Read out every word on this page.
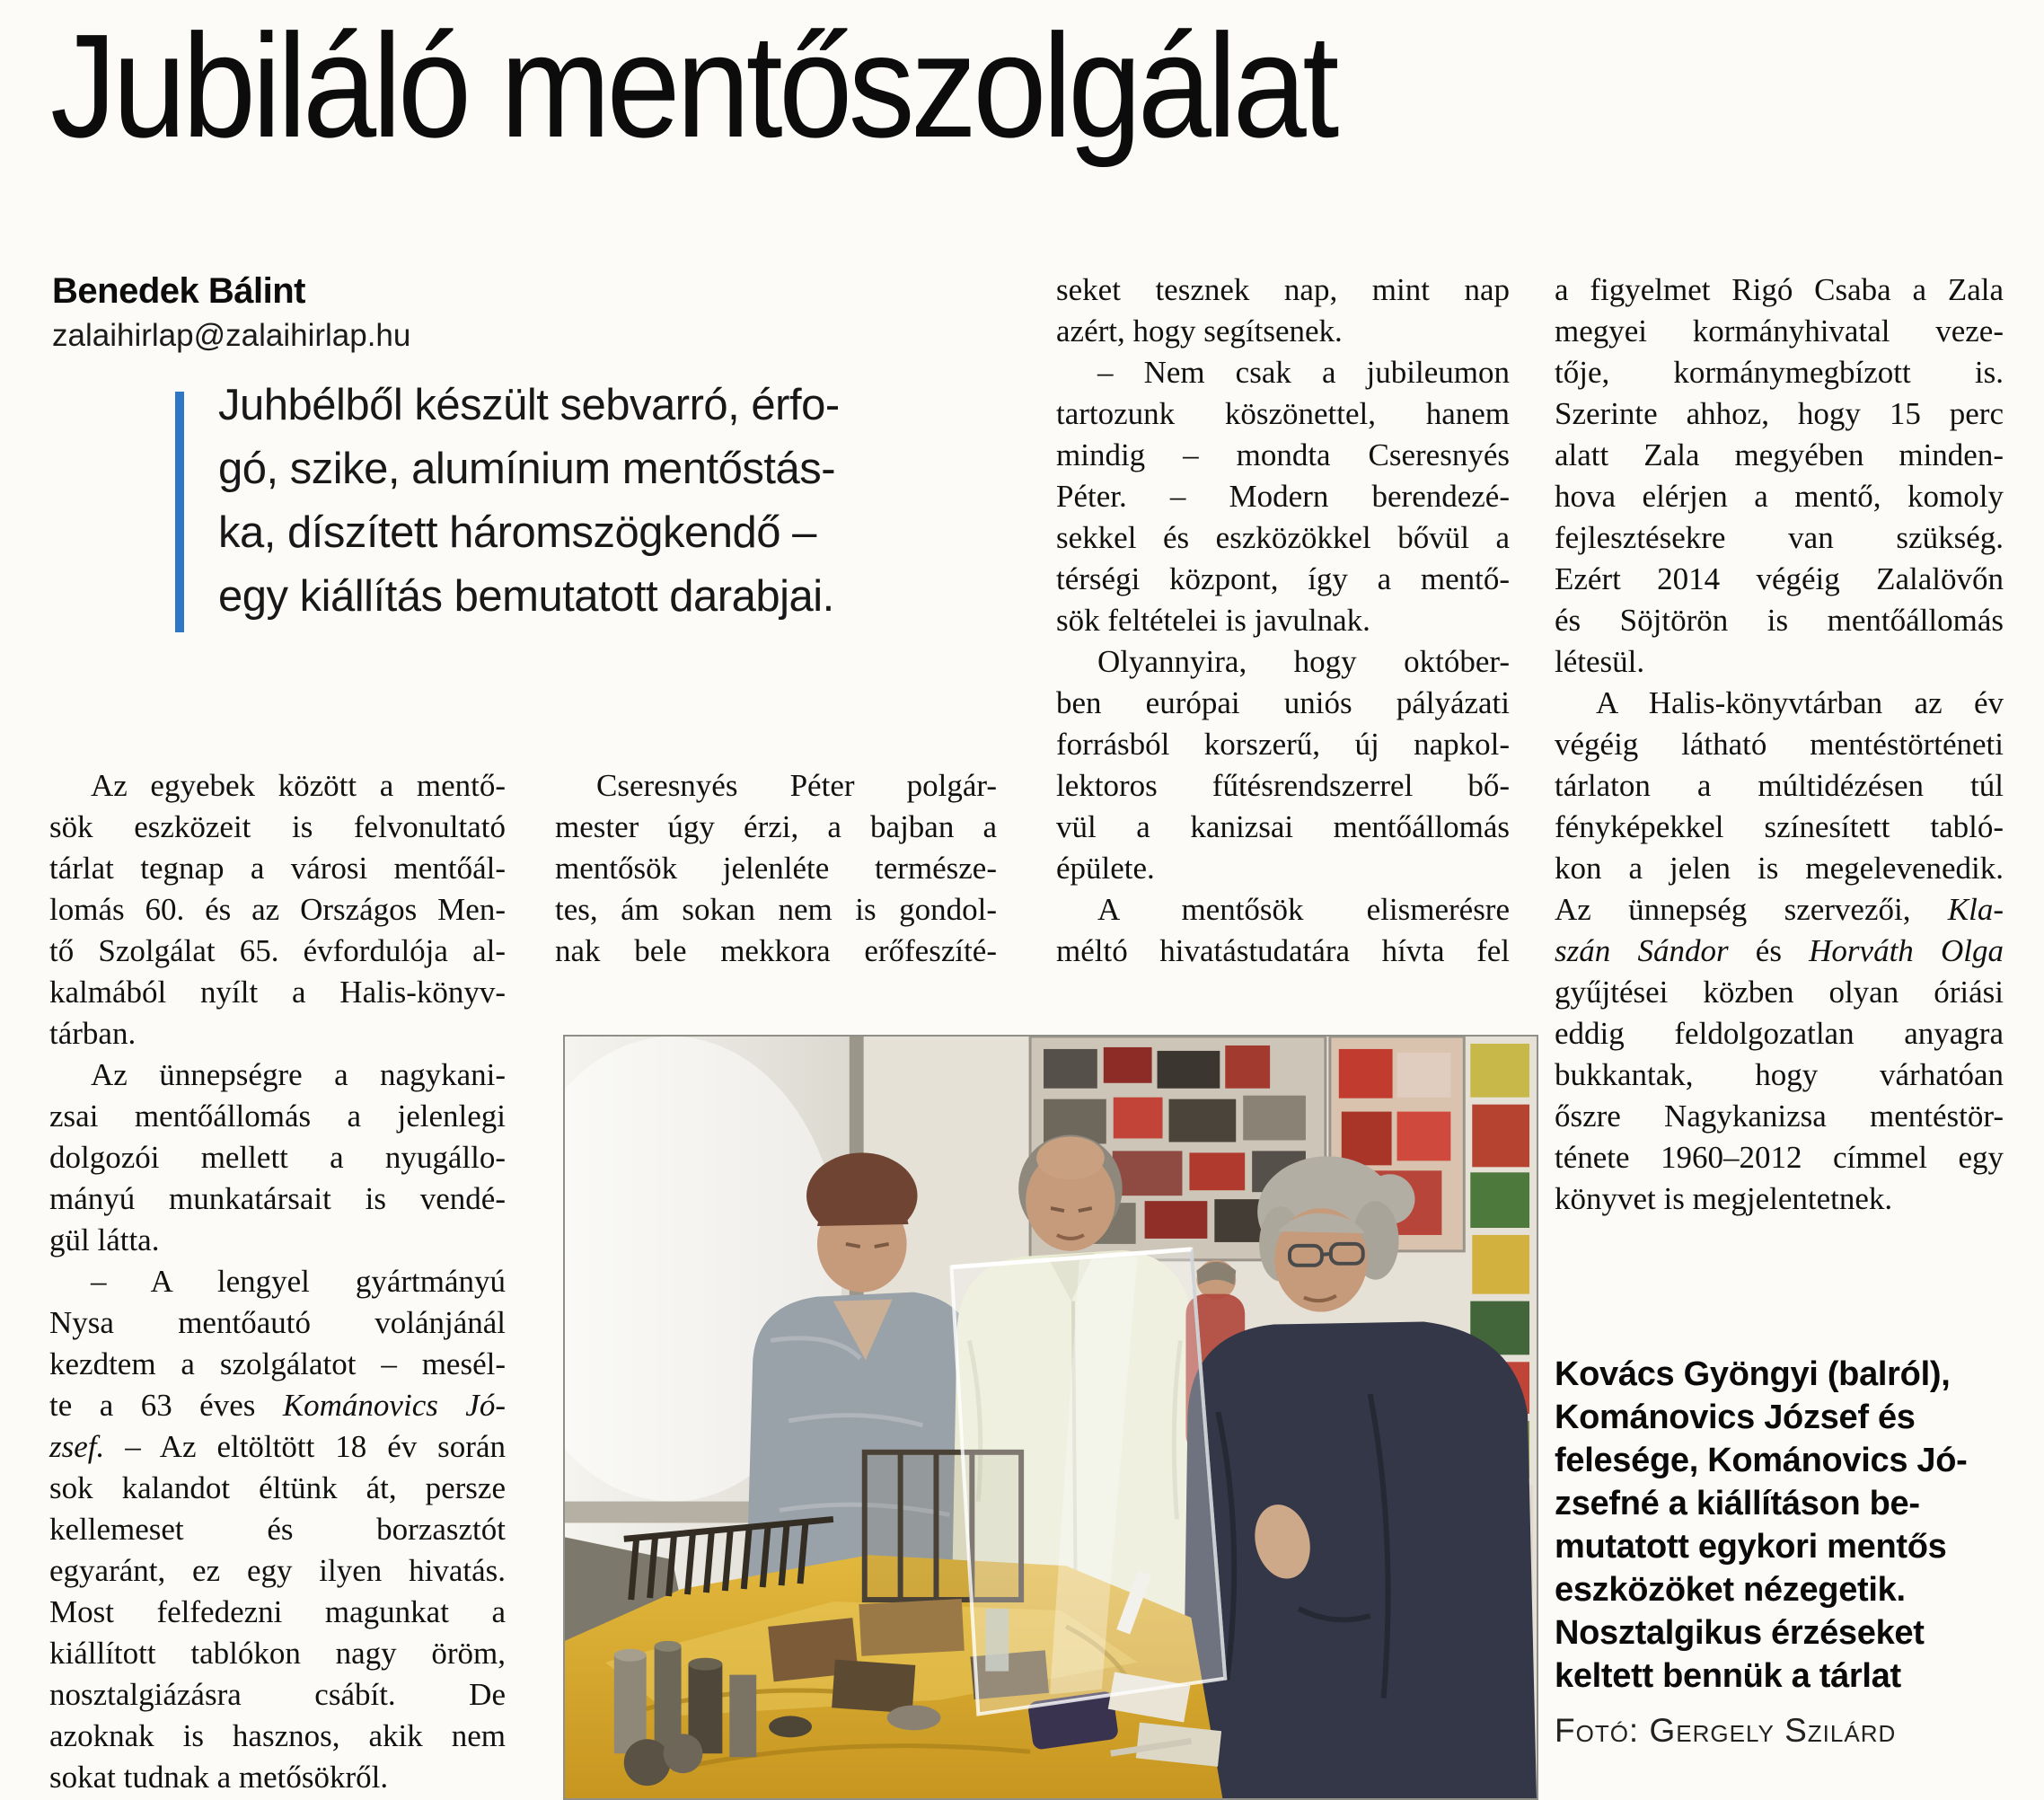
Jubiláló mentőszolgálat
Benedek Bálint
zalaihirlap@zalaihirlap.hu
Juhbélből készült sebvarró, érfo-
gó, szike, alumínium mentőstás-
ka, díszített háromszögkendő –
egy kiállítás bemutatott darabjai.
Az egyebek között a mentő-
sök eszközeit is felvonultató
tárlat tegnap a városi mentőál-
lomás 60. és az Országos Men-
tő Szolgálat 65. évfordulója al-
kalmából nyílt a Halis-könyv-
tárban.
Az ünnepségre a nagykani-
zsai mentőállomás a jelenlegi
dolgozói mellett a nyugállo-
mányú munkatársait is vendé-
gül látta.
– A lengyel gyártmányú
Nysa mentőautó volánjánál
kezdtem a szolgálatot – mesél-
te a 63 éves Kománovics Jó-
zsef. – Az eltöltött 18 év során
sok kalandot éltünk át, persze
kellemeset és borzasztót
egyaránt, ez egy ilyen hivatás.
Most felfedezni magunkat a
kiállított tablókon nagy öröm,
nosztalgiázásra csábít. De
azoknak is hasznos, akik nem
sokat tudnak a metősökről.
Cseresnyés Péter polgár-
mester úgy érzi, a bajban a
mentősök jelenléte természe-
tes, ám sokan nem is gondol-
nak bele mekkora erőfeszíté-
seket tesznek nap, mint nap
azért, hogy segítsenek.
– Nem csak a jubileumon
tartozunk köszönettel, hanem
mindig – mondta Cseresnyés
Péter. – Modern berendezé-
sekkel és eszközökkel bővül a
térségi központ, így a mentő-
sök feltételei is javulnak.
Olyannyira, hogy október-
ben európai uniós pályázati
forrásból korszerű, új napkol-
lektoros fűtésrendszerrel bő-
vül a kanizsai mentőállomás
épülete.
A mentősök elismerésre
méltó hivatástudatára hívta fel
a figyelmet Rigó Csaba a Zala
megyei kormányhivatal veze-
tője, kormánymegbízott is.
Szerinte ahhoz, hogy 15 perc
alatt Zala megyében minden-
hova elérjen a mentő, komoly
fejlesztésekre van szükség.
Ezért 2014 végéig Zalalövőn
és Söjtörön is mentőállomás
létesül.
A Halis-könyvtárban az év
végéig látható mentéstörténeti
tárlaton a múltidézésen túl
fényképekkel színesített tabló-
kon a jelen is megelevenedik.
Az ünnepség szervezői, Kla-
szán Sándor és Horváth Olga
gyűjtései közben olyan óriási
eddig feldolgozatlan anyagra
bukkantak, hogy várhatóan
őszre Nagykanizsa mentéstör-
ténete 1960–2012 címmel egy
könyvet is megjelentetnek.
Kovács Gyöngyi (balról),
Kománovics József és
felesége, Kománovics Jó-
zsefné a kiállításon be-
mutatott egykori mentős
eszközöket nézegetik.
Nosztalgikus érzéseket
keltett bennük a tárlat
Fotó: Gergely Szilárd
